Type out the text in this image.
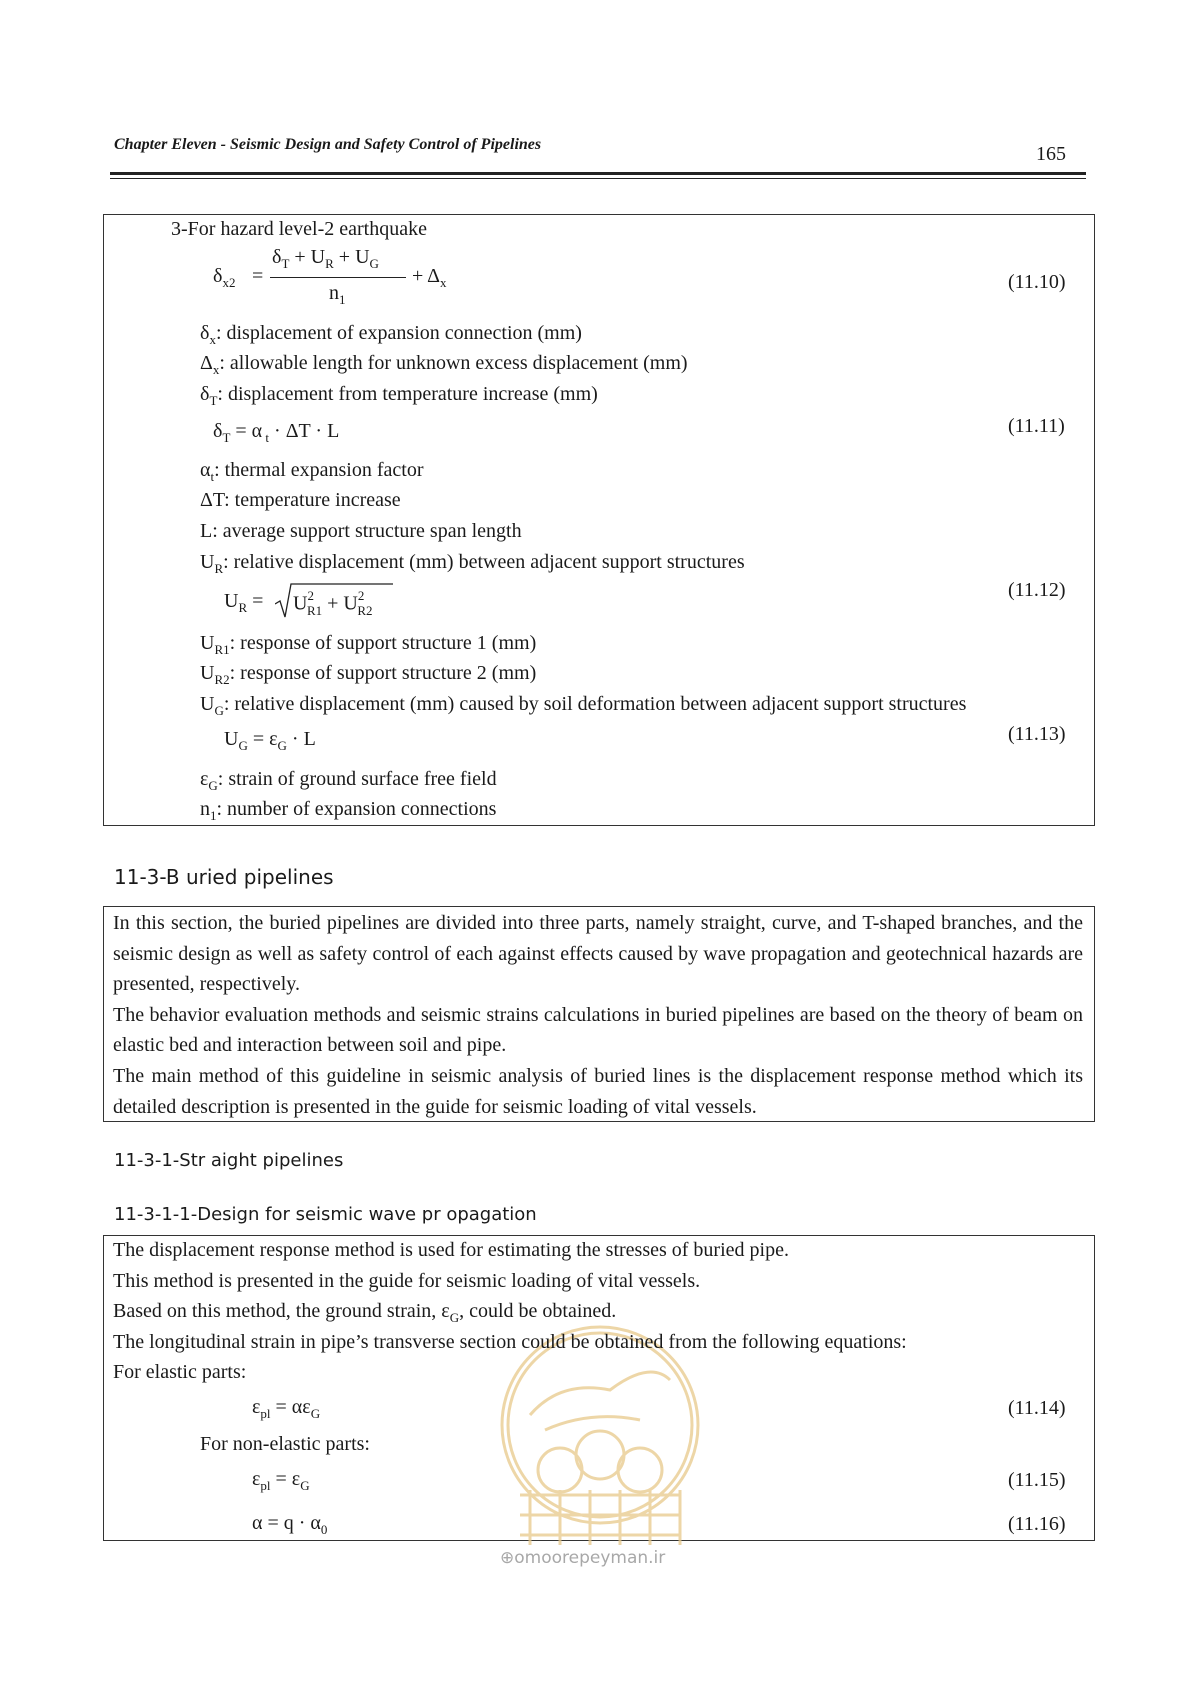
Chapter Eleven - Seismic Design and Safety Control of Pipelines	165
3-For hazard level-2 earthquake
$\delta_{x2}$ =
$\delta_T + U_R + U_G$
$n_1$
+ $\Delta_x$	(11.10)
$\delta_x$: displacement of expansion connection (mm)
$\Delta_x$: allowable length for unknown excess displacement (mm)
$\delta_T$: displacement from temperature increase (mm)
$\delta_T = \alpha$ $_t$ · ΔT · L	(11.11)
$\alpha_t$: thermal expansion factor
ΔT: temperature increase
L: average support structure span length
$U_R$: relative displacement (mm) between adjacent support structures
$U_R = U^2_{R1} + U^2_{R2}$
(11.12)
$U_{R1}$: response of support structure 1 (mm)
$U_{R2}$: response of support structure 2 (mm)
$U_G$: relative displacement (mm) caused by soil deformation between adjacent support structures
$U_G = \varepsilon_G \cdot L$	(11.13)
$\varepsilon_G$: strain of ground surface free field
$n_1$: number of expansion connections
11-3-B uried pipelines

In this section, the buried pipelines are divided into three parts, namely straight, curve, and T-shaped branches, and the seismic design as well as safety control of each against effects caused by wave propagation and geotechnical hazards are presented, respectively.

The behavior evaluation methods and seismic strains calculations in buried pipelines are based on the theory of beam on elastic bed and interaction between soil and pipe.

The main method of this guideline in seismic analysis of buried lines is the displacement response method which its detailed description is presented in the guide for seismic loading of vital vessels.

11-3-1-Str aight pipelines
11-3-1-1-Design for seismic wave pr opagation
⊕omoorepeyman.ir
The displacement response method is used for estimating the stresses of buried pipe.
This method is presented in the guide for seismic loading of vital vessels.
Based on this method, the ground strain, $\varepsilon_G$, could be obtained.
The longitudinal strain in pipe’s transverse section could be obtained from the following equations:
For elastic parts:
$\varepsilon_{pl} = \alpha\varepsilon_G$	(11.14)
For non-elastic parts:
$\varepsilon_{pl} = \varepsilon_G$	(11.15)
$\alpha = q \cdot \alpha_0$	(11.16)
